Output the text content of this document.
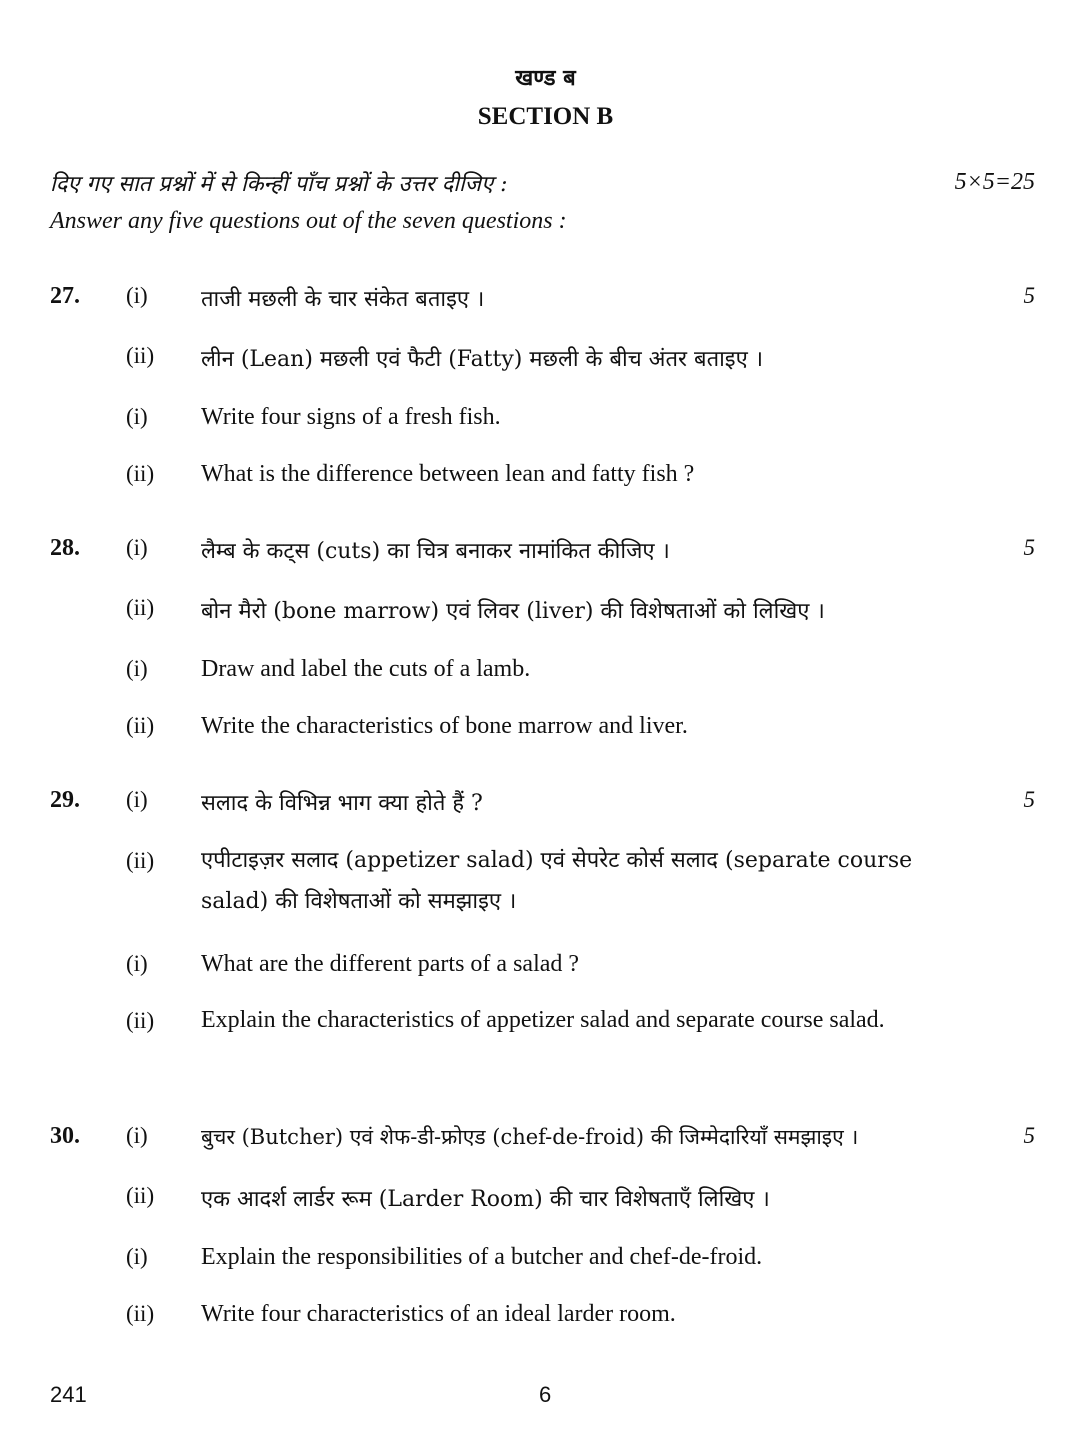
खण्ड ब
SECTION B
दिए गए सात प्रश्नों में से किन्हीं पाँच प्रश्नों के उत्तर दीजिए :	5×5=25
Answer any five questions out of the seven questions :
27.	5
(i) ताजी मछली के चार संकेत बताइए ।
(ii) लीन (Lean) मछली एवं फैटी (Fatty) मछली के बीच अंतर बताइए ।
(i) Write four signs of a fresh fish.
(ii) What is the difference between lean and fatty fish ?
28.	5
(i) लैम्ब के कट्स (cuts) का चित्र बनाकर नामांकित कीजिए ।
(ii) बोन मैरो (bone marrow) एवं लिवर (liver) की विशेषताओं को लिखिए ।
(i) Draw and label the cuts of a lamb.
(ii) Write the characteristics of bone marrow and liver.
29.	5
(i) सलाद के विभिन्न भाग क्या होते हैं ?
(ii) एपीटाइज़र सलाद (appetizer salad) एवं सेपरेट कोर्स सलाद (separate course salad) की विशेषताओं को समझाइए ।
(i) What are the different parts of a salad ?
(ii) Explain the characteristics of appetizer salad and separate course salad.
30.	5
(i)	बुचर (Butcher) एवं शेफ-डी-फ्रोएड (chef-de-froid) की जिम्मेदारियाँ समझाइए ।
(ii) एक आदर्श लार्डर रूम (Larder Room) की चार विशेषताएँ लिखिए ।
(i) Explain the responsibilities of a butcher and chef-de-froid.
(ii) Write four characteristics of an ideal larder room.
241	6
